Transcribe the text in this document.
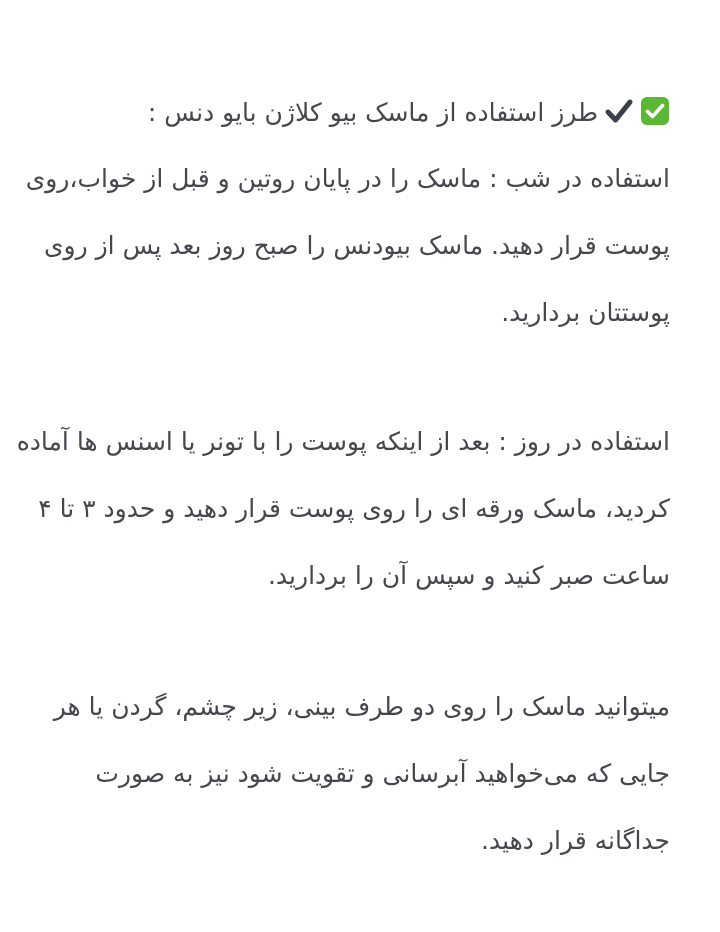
طرز استفاده از ماسک بیو کلاژن بایو دنس :
استفاده در شب : ماسک را در پایان روتین و قبل از خواب،روی
پوست قرار دهید. ماسک بیودنس را صبح روز بعد پس از روی
پوستتان بردارید.
استفاده در روز : بعد از اینکه پوست را با تونر یا اسنس ها آماده
کردید، ماسک ورقه ای را روی پوست قرار دهید و حدود ۳ تا ۴
ساعت صبر کنید و سپس آن را بردارید.
میتوانید ماسک را روی دو طرف بینی، زیر چشم، گردن یا هر
جایی که می‌خواهید آبرسانی و تقویت شود نیز به صورت
جداگانه قرار دهید.
